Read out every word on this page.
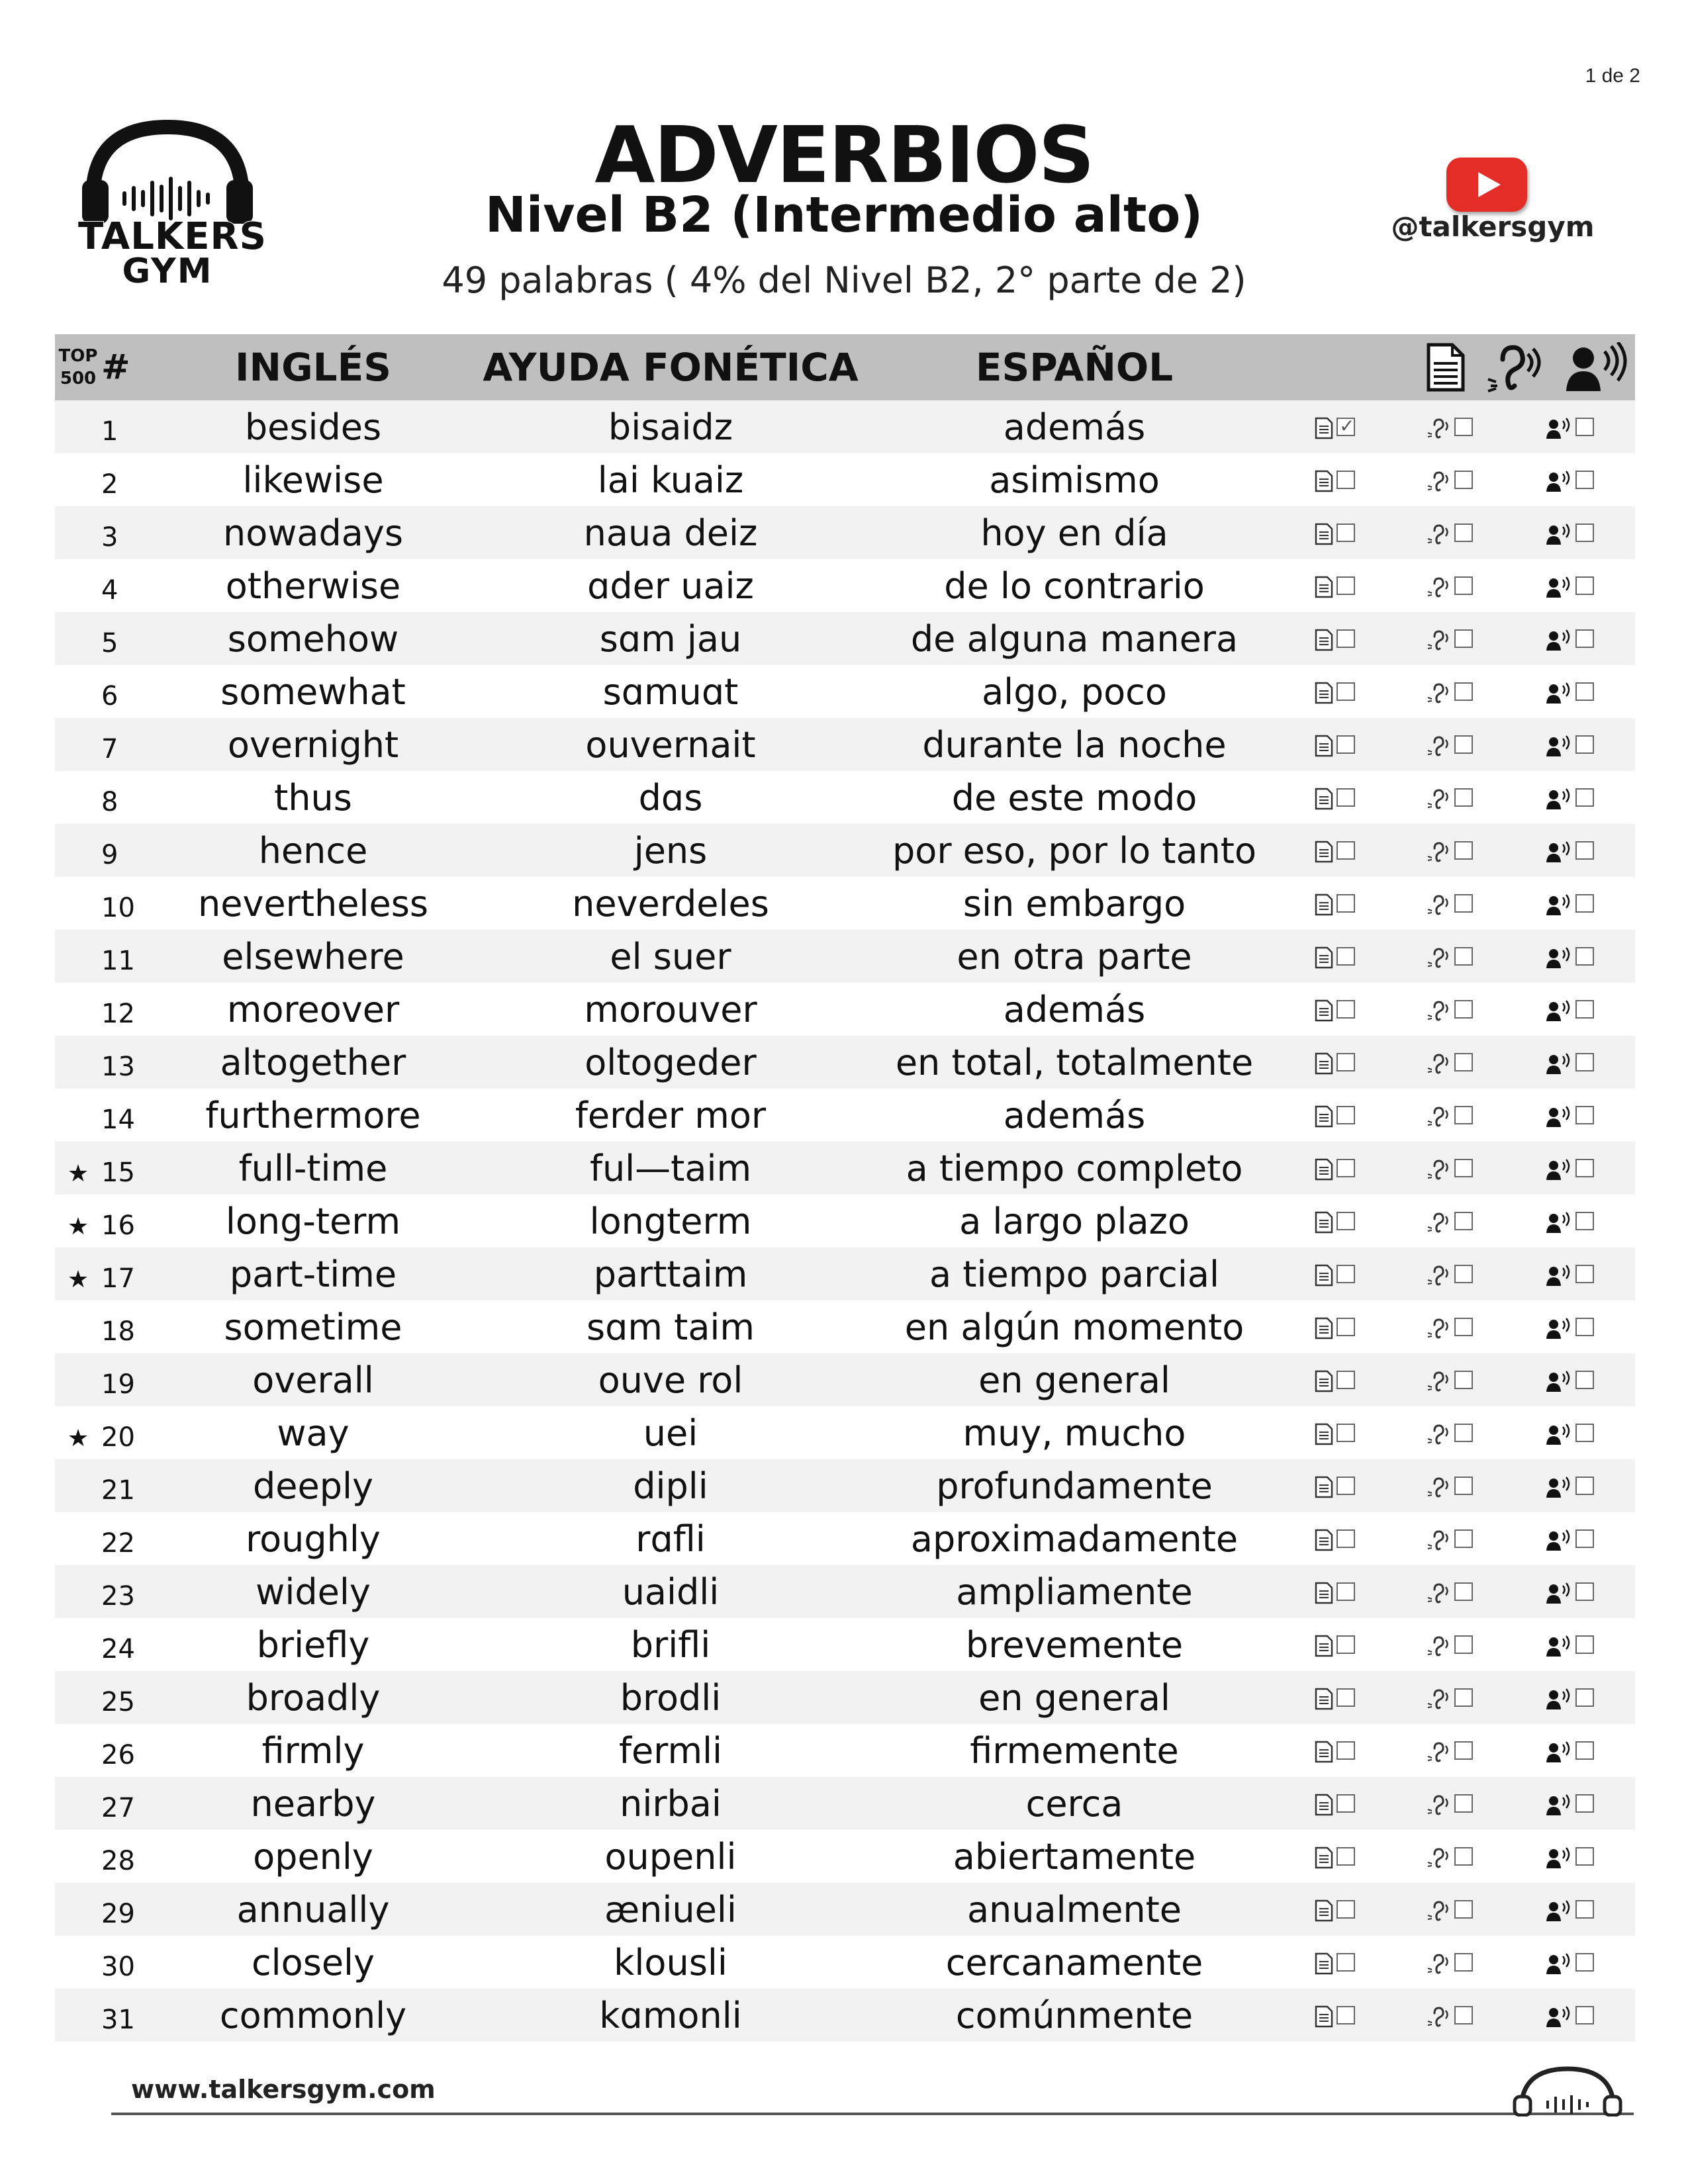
1 de 2
TALKERS
GYM
ADVERBIOS
Nivel B2 (Intermedio alto)
49 palabras ( 4% del Nivel B2, 2° parte de 2)
@talkersgym
TOP
500	#	INGLÉS	AYUDA FONÉTICA	ESPAÑOL	

	1	besides	bisaidz	además	
✓

	2	likewise	lai kuaiz	asimismo	

	3	nowadays	naua deiz	hoy en día	

	4	otherwise	ɑder uaiz	de lo contrario	

	5	somehow	sɑm jau	de alguna manera	

	6	somewhat	sɑmuɑt	algo, poco	

	7	overnight	ouvernait	durante la noche	

	8	thus	dɑs	de este modo	

	9	hence	jens	por eso, por lo tanto	

	10	nevertheless	neverdeles	sin embargo	

	11	elsewhere	el suer	en otra parte	

	12	moreover	morouver	además	

	13	altogether	oltogeder	en total, totalmente	

	14	furthermore	ferder mor	además	

★	15	full-time	ful—taim	a tiempo completo	

★	16	long-term	longterm	a largo plazo	

★	17	part-time	parttaim	a tiempo parcial	

	18	sometime	sɑm taim	en algún momento	

	19	overall	ouve rol	en general	

★	20	way	uei	muy, mucho	

	21	deeply	dipli	profundamente	

	22	roughly	rɑfli	aproximadamente	

	23	widely	uaidli	ampliamente	

	24	briefly	brifli	brevemente	

	25	broadly	brodli	en general	

	26	firmly	fermli	firmemente	

	27	nearby	nirbai	cerca	

	28	openly	oupenli	abiertamente	

	29	annually	æniueli	anualmente	

	30	closely	klousli	cercanamente	

	31	commonly	kɑmonli	comúnmente	
www.talkersgym.com
